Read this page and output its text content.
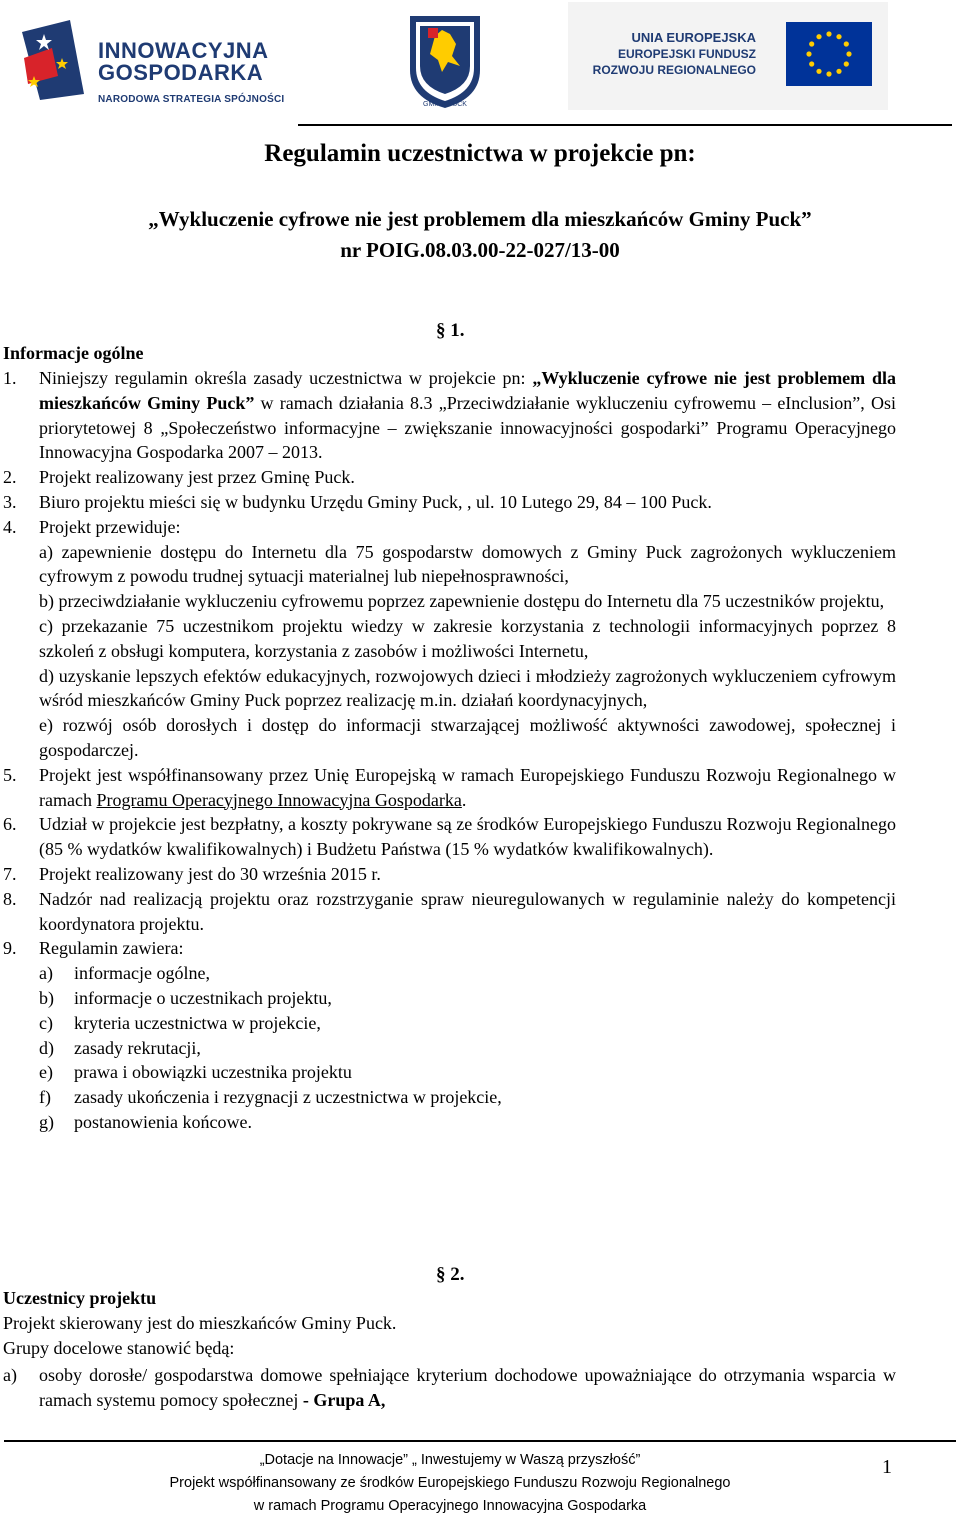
INNOWACYJNA
GOSPODARKA
NARODOWA STRATEGIA SPÓJNOŚCI	GMINA PUCK
UNIA EUROPEJSKA
EUROPEJSKI FUNDUSZ
ROZWOJU REGIONALNEGO
Regulamin uczestnictwa w projekcie pn:
„Wykluczenie cyfrowe nie jest problemem dla mieszkańców Gminy Puck”
nr POIG.08.03.00-22-027/13-00
§ 1.
Informacje ogólne
1. Niniejszy regulamin określa zasady uczestnictwa w projekcie pn: „Wykluczenie cyfrowe nie jest problemem dla mieszkańców Gminy Puck” w ramach działania 8.3 „Przeciwdziałanie wykluczeniu cyfrowemu – eInclusion”, Osi priorytetowej 8 „Społeczeństwo informacyjne – zwiększanie innowacyjności gospodarki” Programu Operacyjnego Innowacyjna Gospodarka 2007 – 2013.
2. Projekt realizowany jest przez Gminę Puck.
3. Biuro projektu mieści się w budynku Urzędu Gminy Puck, , ul. 10 Lutego 29, 84 – 100 Puck.
4. Projekt przewiduje:
a) zapewnienie dostępu do Internetu dla 75 gospodarstw domowych z Gminy Puck zagrożonych wykluczeniem cyfrowym z powodu trudnej sytuacji materialnej lub niepełnosprawności,
b) przeciwdziałanie wykluczeniu cyfrowemu poprzez zapewnienie dostępu do Internetu dla 75 uczestników projektu,
c) przekazanie 75 uczestnikom projektu wiedzy w zakresie korzystania z technologii informacyjnych poprzez 8 szkoleń z obsługi komputera, korzystania z zasobów i możliwości Internetu,
d) uzyskanie lepszych efektów edukacyjnych, rozwojowych dzieci i młodzieży zagrożonych wykluczeniem cyfrowym wśród mieszkańców Gminy Puck poprzez realizację m.in. działań koordynacyjnych,
e) rozwój osób dorosłych i dostęp do informacji stwarzającej możliwość aktywności zawodowej, społecznej i gospodarczej.
5. Projekt jest współfinansowany przez Unię Europejską w ramach Europejskiego Funduszu Rozwoju Regionalnego w ramach Programu Operacyjnego Innowacyjna Gospodarka.
6. Udział w projekcie jest bezpłatny, a koszty pokrywane są ze środków Europejskiego Funduszu Rozwoju Regionalnego (85 % wydatków kwalifikowalnych) i Budżetu Państwa (15 % wydatków kwalifikowalnych).
7. Projekt realizowany jest do 30 września 2015 r.
8. Nadzór nad realizacją projektu oraz rozstrzyganie spraw nieuregulowanych w regulaminie należy do kompetencji koordynatora projektu.
9. Regulamin zawiera:
a) informacje ogólne,
b) informacje o uczestnikach projektu,
c) kryteria uczestnictwa w projekcie,
d) zasady rekrutacji,
e) prawa i obowiązki uczestnika projektu
f) zasady ukończenia i rezygnacji z uczestnictwa w projekcie,
g) postanowienia końcowe.
§ 2.
Uczestnicy projektu
Projekt skierowany jest do mieszkańców Gminy Puck.
Grupy docelowe stanowić będą:
a) osoby dorosłe/ gospodarstwa domowe spełniające kryterium dochodowe upoważniające do otrzymania wsparcia w ramach systemu pomocy społecznej - Grupa A,
„Dotacje na Innowacje” „ Inwestujemy w Waszą przyszłość”
Projekt współfinansowany ze środków Europejskiego Funduszu Rozwoju Regionalnego
w ramach Programu Operacyjnego Innowacyjna Gospodarka
1
